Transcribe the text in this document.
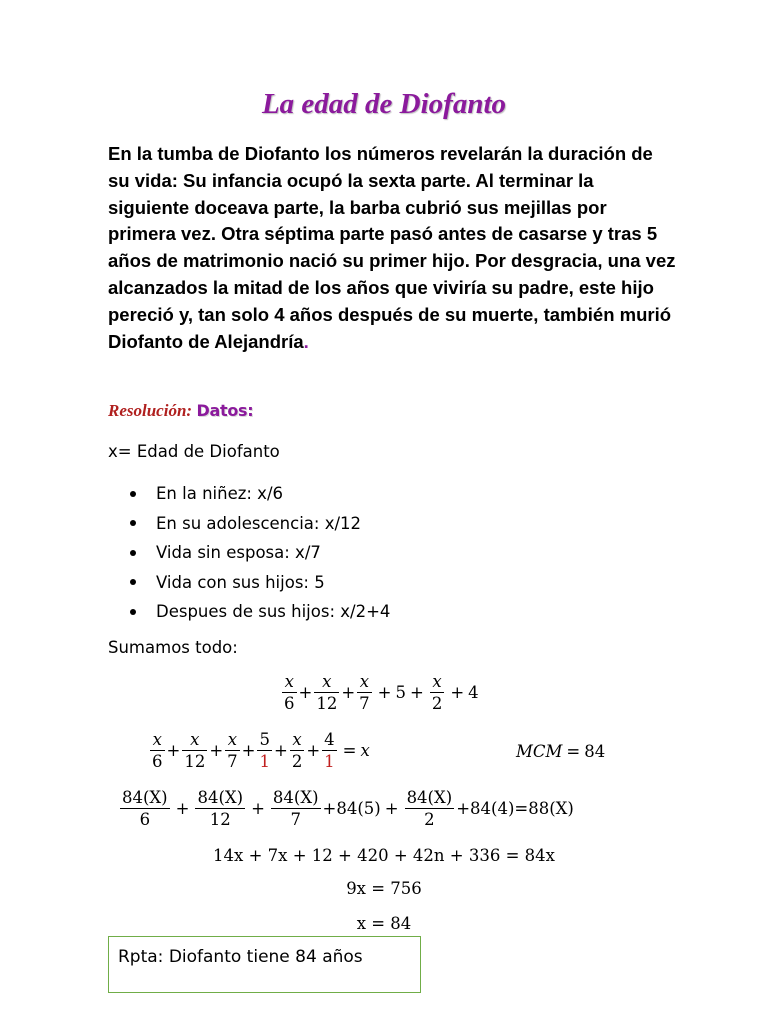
La edad de Diofanto

En la tumba de Diofanto los números revelarán la duración de su vida: Su infancia ocupó la sexta parte. Al terminar la siguiente doceava parte, la barba cubrió sus mejillas por primera vez. Otra séptima parte pasó antes de casarse y tras 5 años de matrimonio nació su primer hijo. Por desgracia, una vez alcanzados la mitad de los años que viviría su padre, este hijo pereció y, tan solo 4 años después de su muerte, también murió Diofanto de Alejandría.

Resolución: Datos:

x= Edad de Diofanto

En la niñez: x/6
En su adolescencia: x/12
Vida sin esposa: x/7
Vida con sus hijos: 5
Despues de sus hijos: x/2+4

Sumamos todo:

$\frac{x}{6} + \frac{x}{12} + \frac{x}{7} + 5 + \frac{x}{2} + 4$
$\frac{x}{6} + \frac{x}{12} + \frac{x}{7} + \frac{5}{1} + \frac{x}{2} + \frac{4}{1} = x$	MCM = 84
$\frac{84(X)}{6} + \frac{84(X)}{12} + \frac{84(X)}{7} + 84(5) + \frac{84(X)}{2} + 84(4) = 88(X)$
14x + 7x + 12 + 420 + 42n + 336 = 84x
9x = 756
x = 84
Rpta: Diofanto tiene 84 años
